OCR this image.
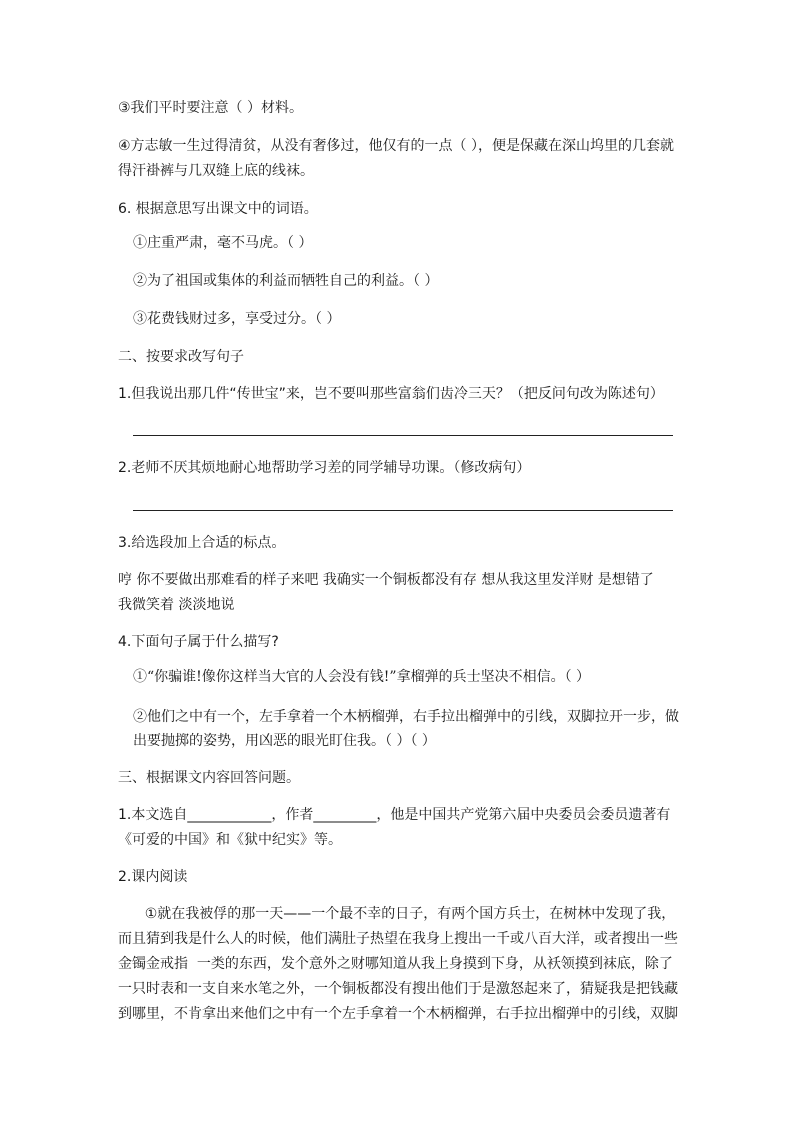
③我们平时要注意（ ）材料。
④方志敏一生过得清贫，从没有奢侈过，他仅有的一点（ ），便是保藏在深山坞里的几套就
得汗褂裤与几双缝上底的线袜。
6. 根据意思写出课文中的词语。
①庄重严肃，毫不马虎。（ ）
②为了祖国或集体的利益而牺牲自己的利益。（ ）
③花费钱财过多，享受过分。（ ）
二、按要求改写句子
1.但我说出那几件“传世宝”来，岂不要叫那些富翁们齿冷三天？（把反问句改为陈述句）
2.老师不厌其烦地耐心地帮助学习差的同学辅导功课。（修改病句）
3.给选段加上合适的标点。
哼 你不要做出那难看的样子来吧 我确实一个铜板都没有存 想从我这里发洋财 是想错了
我微笑着 淡淡地说
4.下面句子属于什么描写?
①“你骗谁!像你这样当大官的人会没有钱!”拿榴弹的兵士坚决不相信。（ ）
②他们之中有一个，左手拿着一个木柄榴弹，右手拉出榴弹中的引线，双脚拉开一步，做
出要抛掷的姿势，用凶恶的眼光盯住我。（ ）（ ）
三、根据课文内容回答问题。
1.本文选自____________，作者_________，他是中国共产党第六届中央委员会委员遗著有
《可爱的中国》和《狱中纪实》等。
2.课内阅读
①就在我被俘的那一天——一个最不幸的日子，有两个国方兵士，在树林中发现了我，
而且猜到我是什么人的时候，他们满肚子热望在我身上搜出一千或八百大洋，或者搜出一些
金镯金戒指  一类的东西，发个意外之财哪知道从我上身摸到下身，从袄领摸到袜底，除了
一只时表和一支自来水笔之外，一个铜板都没有搜出他们于是激怒起来了，猜疑我是把钱藏
到哪里，不肯拿出来他们之中有一个左手拿着一个木柄榴弹，右手拉出榴弹中的引线，双脚
